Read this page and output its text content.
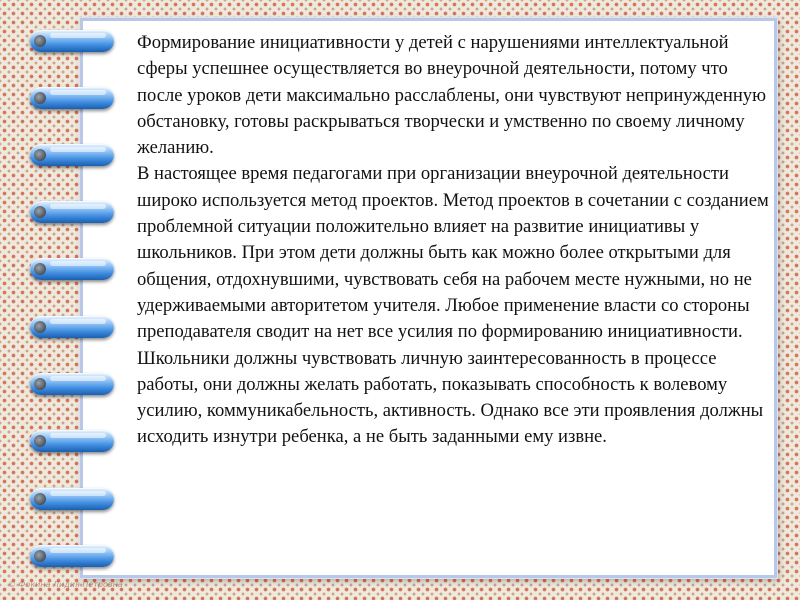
Формирование инициативности у детей с нарушениями интеллектуальной сферы успешнее осуществляется во внеурочной деятельности, потому что после уроков дети максимально расслаблены, они чувствуют непринужденную обстановку, готовы раскрываться творчески и умственно по своему личному желанию.

В настоящее время педагогами при организации внеурочной деятельности широко используется метод проектов. Метод проектов в сочетании с созданием проблемной ситуации положительно влияет на развитие инициативы у школьников. При этом дети должны быть как можно более открытыми для общения, отдохнувшими, чувствовать себя на рабочем месте нужными, но не удерживаемыми авторитетом учителя. Любое применение власти со стороны преподавателя сводит на нет все усилия по формированию инициативности. Школьники должны чувствовать личную заинтересованность в процессе работы, они должны желать работать, показывать способность к волевому усилию, коммуникабельность, активность. Однако все эти проявления должны исходить изнутри ребенка, а не быть заданными ему извне.

© Фокина Лидия Петровна
